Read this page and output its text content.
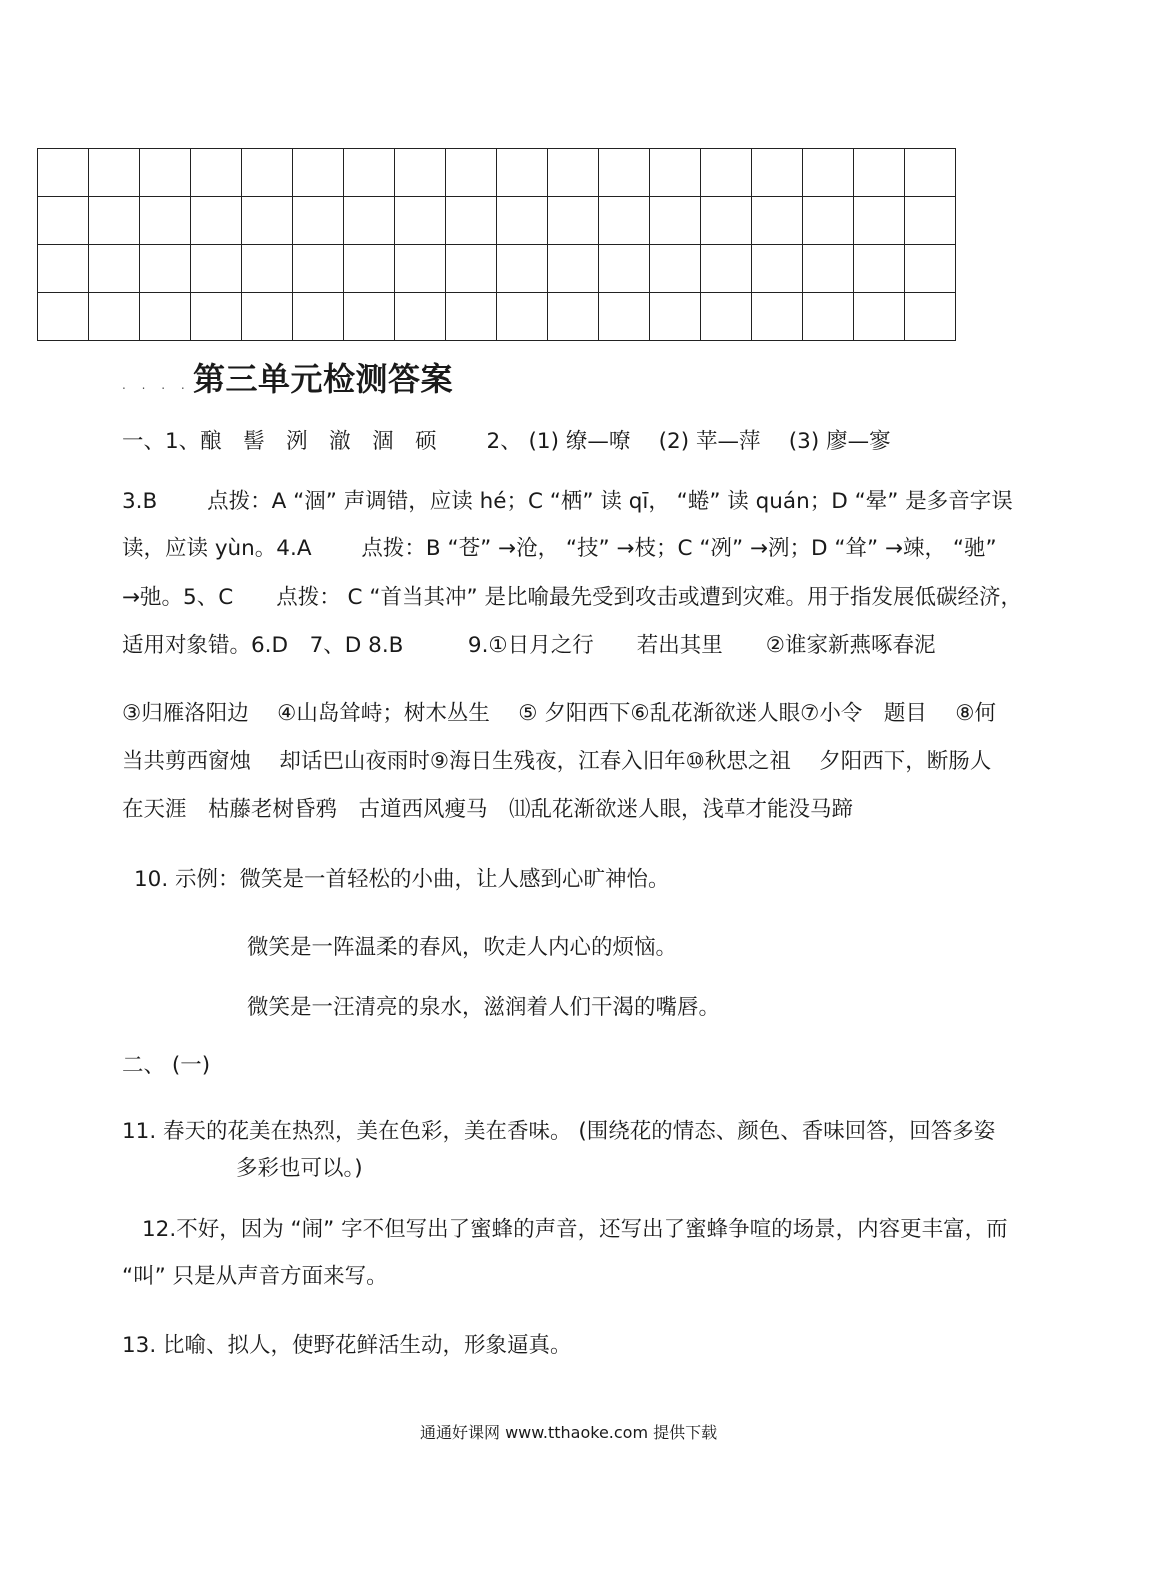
. . . . 第三单元检测答案
一、1、酿　髻　洌　澈　涸　硕　　 2、 (1) 缭—嘹　 (2) 苹—萍　 (3) 廖—寥
3.B　　 点拨：A “涸” 声调错，应读 hé；C “栖” 读 qī， “蜷” 读 quán；D “晕” 是多音字误
读，应读 yùn。4.A　　 点拨：B “苍” →沧， “技” →枝；C “冽” →洌；D “耸” →竦， “驰”
→弛。5、C　　点拨： C “首当其冲” 是比喻最先受到攻击或遭到灾难。用于指发展低碳经济，
适用对象错。6.D　7、D 8.B　　　9.①日月之行　　若出其里　　②谁家新燕啄春泥
③归雁洛阳边　 ④山岛耸峙；树木丛生　 ⑤ 夕阳西下⑥乱花渐欲迷人眼⑦小令　题目　 ⑧何
当共剪西窗烛　 却话巴山夜雨时⑨海日生残夜，江春入旧年⑩秋思之祖　 夕阳西下，断肠人
在天涯　枯藤老树昏鸦　古道西风瘦马　⑾乱花渐欲迷人眼，浅草才能没马蹄
10. 示例：微笑是一首轻松的小曲，让人感到心旷神怡。
微笑是一阵温柔的春风，吹走人内心的烦恼。
微笑是一汪清亮的泉水，滋润着人们干渴的嘴唇。
二、 (一)
11. 春天的花美在热烈，美在色彩，美在香味。 (围绕花的情态、颜色、香味回答，回答多姿
多彩也可以。)
12.不好，因为 “闹” 字不但写出了蜜蜂的声音，还写出了蜜蜂争喧的场景，内容更丰富，而
“叫” 只是从声音方面来写。
13. 比喻、拟人，使野花鲜活生动，形象逼真。
通通好课网 www.tthaoke.com 提供下载
